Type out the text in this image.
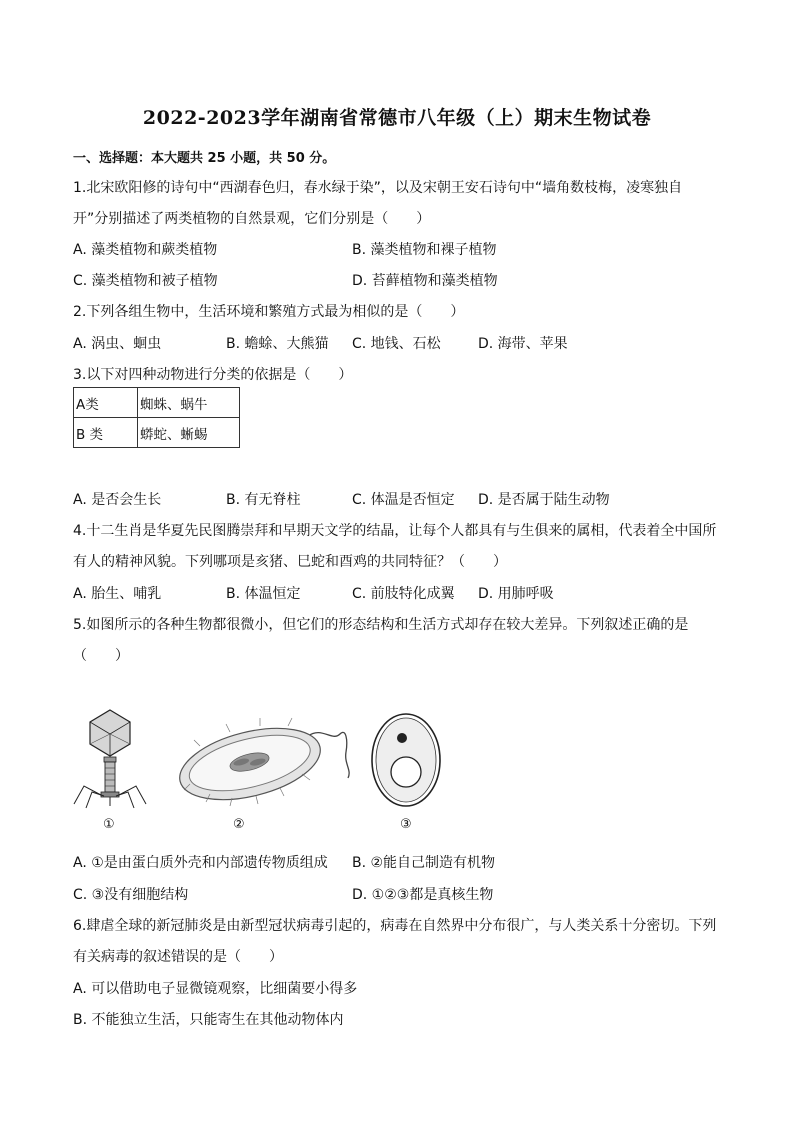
2022-2023学年湖南省常德市八年级（上）期末生物试卷
一、选择题：本大题共 25 小题，共 50 分。
1.北宋欧阳修的诗句中“西湖春色归，春水绿于染”，以及宋朝王安石诗句中“墙角数枝梅，凌寒独自
开”分别描述了两类植物的自然景观，它们分别是（　　）
A. 藻类植物和蕨类植物	B. 藻类植物和裸子植物
C. 藻类植物和被子植物	D. 苔藓植物和藻类植物
2.下列各组生物中，生活环境和繁殖方式最为相似的是（　　）
A. 涡虫、蛔虫	B. 蟾蜍、大熊猫 C. 地钱、石松	D. 海带、苹果
3.以下对四种动物进行分类的依据是（　　）
A类	蜘蛛、蜗牛
B 类	蟒蛇、蜥蜴
A. 是否会生长	B. 有无脊柱	C. 体温是否恒定 D. 是否属于陆生动物
4.十二生肖是华夏先民图腾崇拜和早期天文学的结晶，让每个人都具有与生俱来的属相，代表着全中国所
有人的精神风貌。下列哪项是亥猪、巳蛇和酉鸡的共同特征？（　　）
A. 胎生、哺乳	B. 体温恒定	C. 前肢特化成翼 D. 用肺呼吸
5.如图所示的各种生物都很微小，但它们的形态结构和生活方式却存在较大差异。下列叙述正确的是
（　　）
①	②	③
A. ①是由蛋白质外壳和内部遗传物质组成 B. ②能自己制造有机物
C. ③没有细胞结构	D. ①②③都是真核生物
6.肆虐全球的新冠肺炎是由新型冠状病毒引起的，病毒在自然界中分布很广，与人类关系十分密切。下列
有关病毒的叙述错误的是（　　）
A. 可以借助电子显微镜观察，比细菌要小得多
B. 不能独立生活，只能寄生在其他动物体内
